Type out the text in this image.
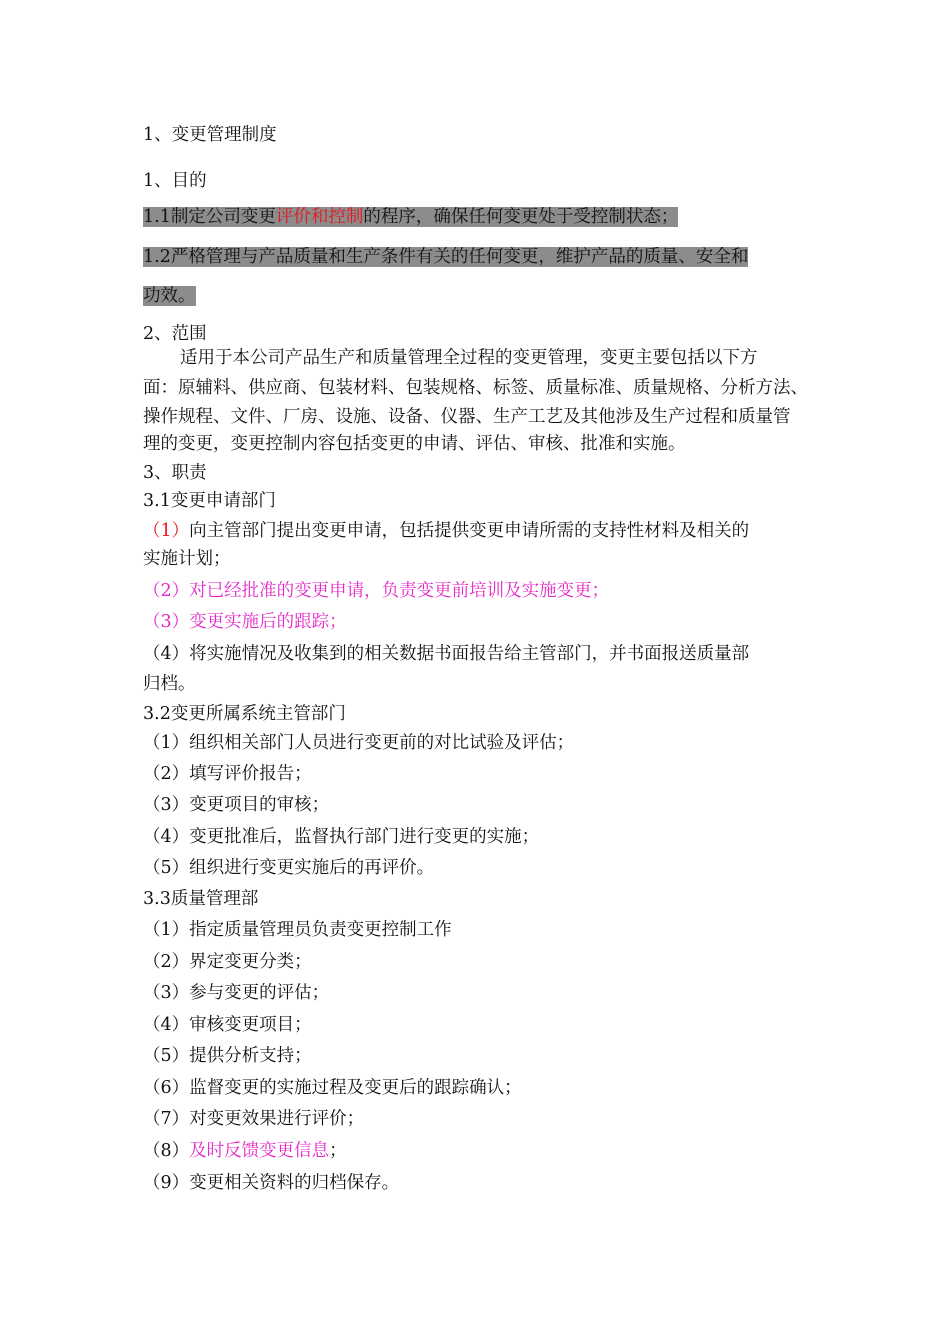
1、变更管理制度
1、目的
1.1制定公司变更评价和控制的程序，确保任何变更处于受控制状态；
1.2严格管理与产品质量和生产条件有关的任何变更，维护产品的质量、安全和
功效。
2、范围
适用于本公司产品生产和质量管理全过程的变更管理，变更主要包括以下方
面：原辅料、供应商、包装材料、包装规格、标签、质量标准、质量规格、分析方法、
操作规程、文件、厂房、设施、设备、仪器、生产工艺及其他涉及生产过程和质量管
理的变更，变更控制内容包括变更的申请、评估、审核、批准和实施。
3、职责
3.1变更申请部门
（1）向主管部门提出变更申请，包括提供变更申请所需的支持性材料及相关的
实施计划；
（2）对已经批准的变更申请，负责变更前培训及实施变更；
（3）变更实施后的跟踪；
（4）将实施情况及收集到的相关数据书面报告给主管部门，并书面报送质量部
归档。
3.2变更所属系统主管部门
（1）组织相关部门人员进行变更前的对比试验及评估；
（2）填写评价报告；
（3）变更项目的审核；
（4）变更批准后，监督执行部门进行变更的实施；
（5）组织进行变更实施后的再评价。
3.3质量管理部
（1）指定质量管理员负责变更控制工作
（2）界定变更分类；
（3）参与变更的评估；
（4）审核变更项目；
（5）提供分析支持；
（6）监督变更的实施过程及变更后的跟踪确认；
（7）对变更效果进行评价；
（8）及时反馈变更信息；
（9）变更相关资料的归档保存。
